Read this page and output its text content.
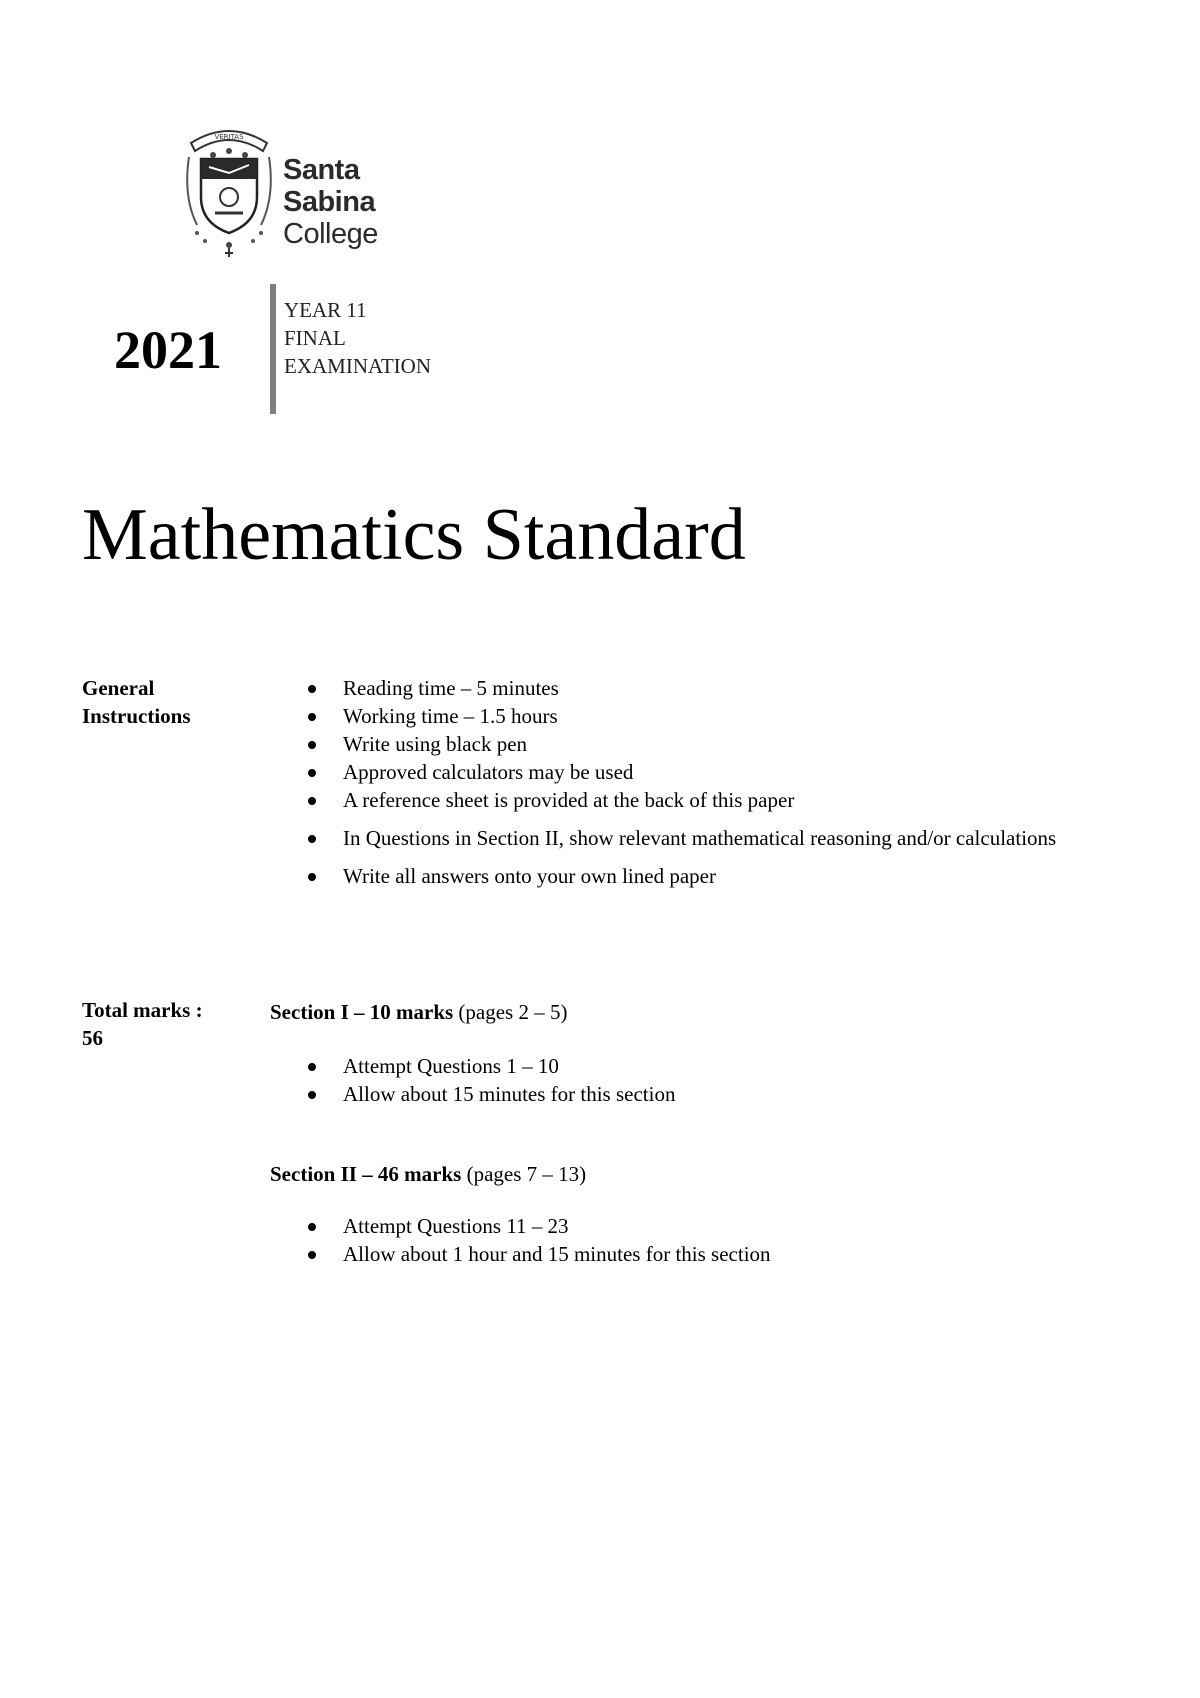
VERITAS
Santa
Sabina
College
2021
YEAR 11
FINAL
EXAMINATION
Mathematics Standard
General
Instructions
Reading time – 5 minutes
Working time – 1.5 hours
Write using black pen
Approved calculators may be used
A reference sheet is provided at the back of this paper
In Questions in Section II, show relevant mathematical reasoning and/or calculations
Write all answers onto your own lined paper
Total marks :
56
Section I – 10 marks (pages 2 – 5)
Attempt Questions 1 – 10
Allow about 15 minutes for this section
Section II – 46 marks (pages 7 – 13)
Attempt Questions 11 – 23
Allow about 1 hour and 15 minutes for this section
